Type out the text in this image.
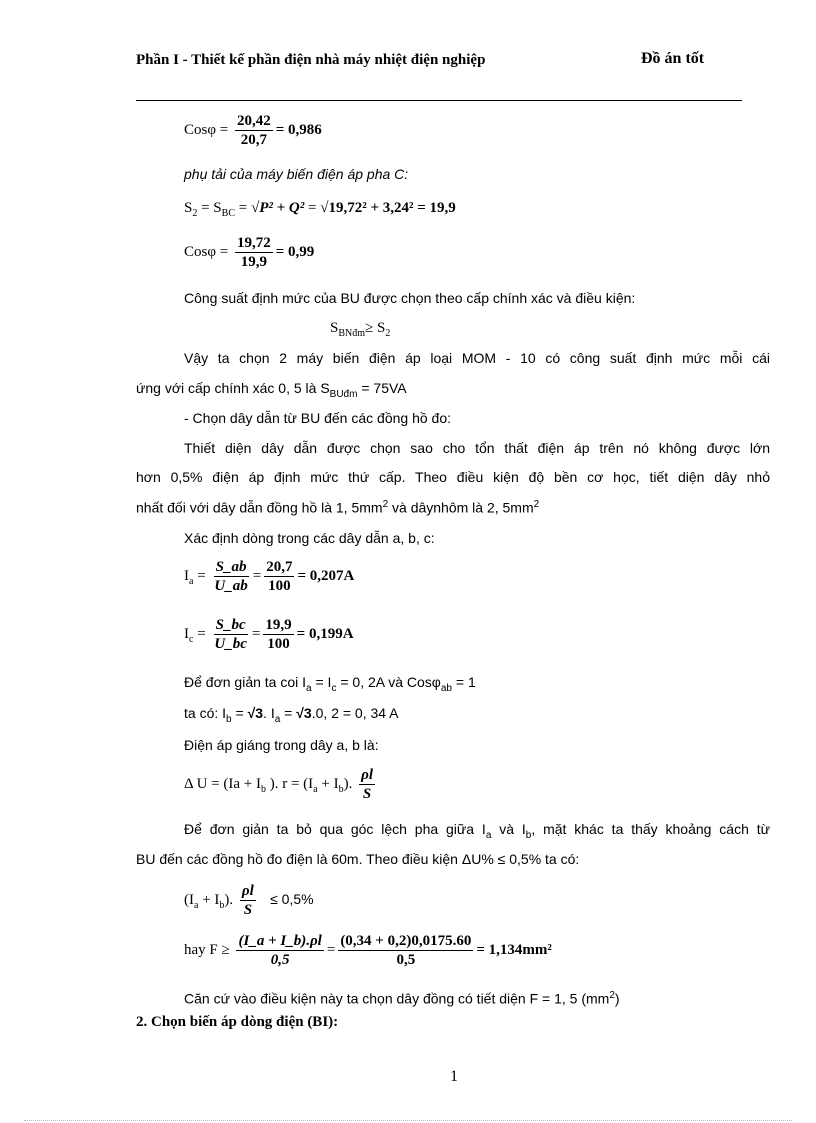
Phần I - Thiết kế phần điện nhà máy nhiệt điện nghiệp	Đồ án tốt
$Cos\varphi = \frac{20,42}{20,7} = 0,986$
phụ tải của máy biến điện áp pha C:
$S_2 = S_{BC} = √P^2 + Q^2 = √19,72^2 + 3,24^2 = 19,9$
$Cos\varphi = \frac{19,72}{19,9} = 0,99$
Công suất định mức của BU được chọn theo cấp chính xác và điều kiện:
$S_{BNđm}\ge S_2$
Vậy ta chọn 2 máy biến điện áp loại MOM - 10 có công suất định mức mỗi cái
ứng với cấp chính xác 0, 5 là $S_{BUđm} = 75VA$
- Chọn dây dẫn từ BU đến các đồng hồ đo:
Thiết diện dây dẫn được chọn sao cho tổn thất điện áp trên nó không được lớn
hơn 0,5% điện áp định mức thứ cấp. Theo điều kiện độ bền cơ học, tiết diện dây nhỏ
nhất đối với dây dẫn đồng hồ là 1, $5mm^2$ và dâynhôm là 2, $5mm^2$
Xác định dòng trong các dây dẫn a, b, c:
$I_a = \frac{S\_ab}{U\_ab} = \frac{20,7}{100} = 0,207A$
$I_c = \frac{S\_bc}{U\_bc} = \frac{19,9}{100} = 0,199A$
Để đơn giản ta coi $I_a = I_c = 0$, 2A và Cosφ$_{ab}$ = 1
ta có: $I_b = √3$. $I_a = √3.0$, 2 = 0, 34 A
Điện áp giáng trong dây a, b là:
Δ $U = (Ia + I_b$ ). $r = (I_a + I_b)$. $\frac{\rho l}{S}$
Để đơn giản ta bỏ qua góc lệch pha giữa $I_a$ và $I_b$, mặt khác ta thấy khoảng cách từ
BU đến các đồng hồ đo điện là 60m. Theo điều kiện ΔU% ≤ 0,5% ta có:
$(I_a + I_b)$. $\frac{\rho l}{S} \le 0,5\%$
hay $F \ge \frac{(I\_a + I\_b).\rho l}{0,5} = \frac{(0,34 + 0,2)0,0175.60}{0,5} = 1,134mm^2$
Căn cứ vào điều kiện này ta chọn dây đồng có tiết diện F = 1, 5 $(mm^2)$
2. Chọn biến áp dòng điện (BI):
1
